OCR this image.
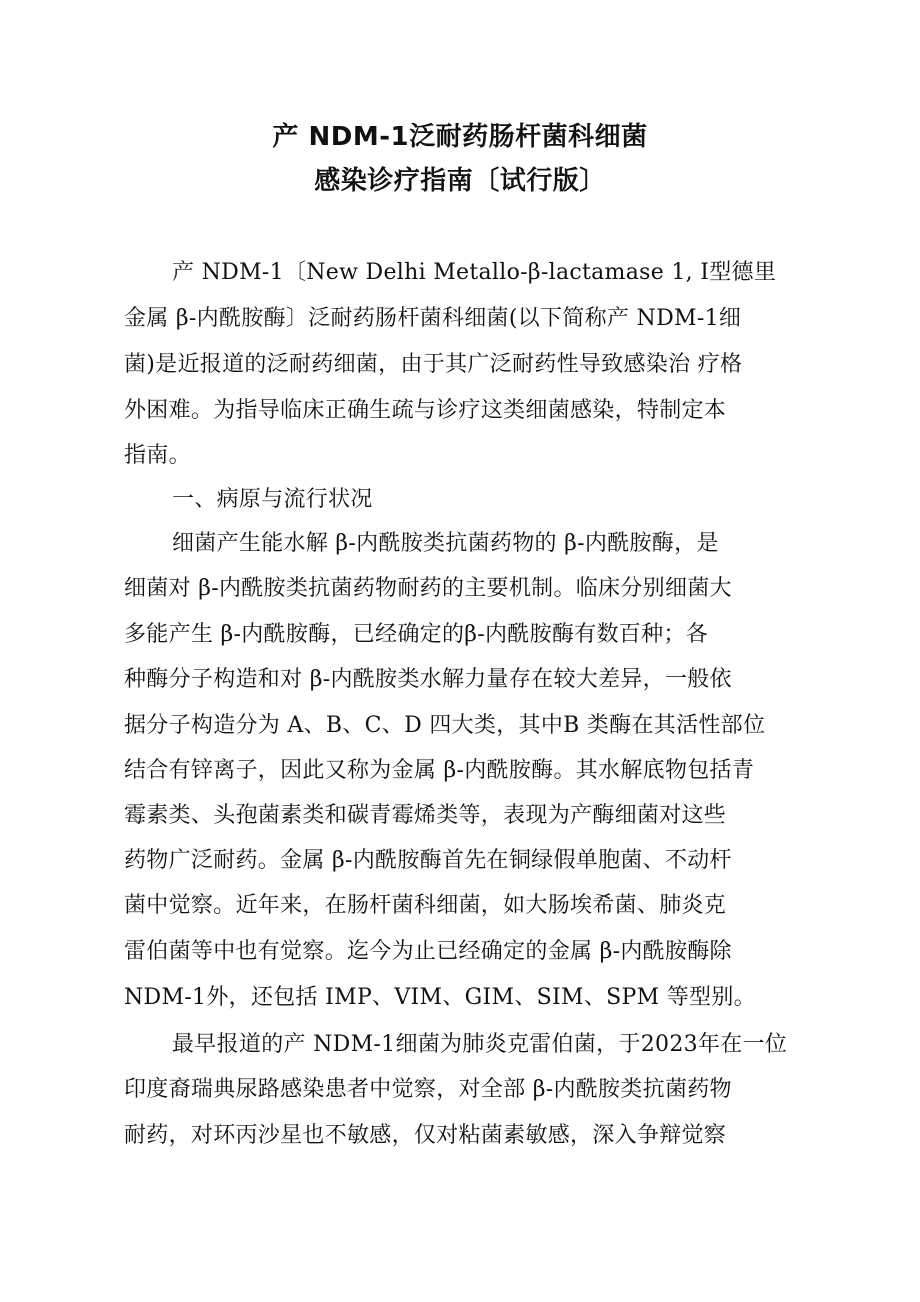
产 NDM-1泛耐药肠杆菌科细菌
感染诊疗指南〔试行版〕
产 NDM-1〔New Delhi Metallo-β-lactamase 1, Ⅰ型德里
金属 β-内酰胺酶〕泛耐药肠杆菌科细菌(以下简称产 NDM-1细
菌)是近报道的泛耐药细菌，由于其广泛耐药性导致感染治 疗格
外困难。为指导临床正确生疏与诊疗这类细菌感染，特制定本
指南。
一、病原与流行状况
细菌产生能水解 β-内酰胺类抗菌药物的 β-内酰胺酶，是
细菌对 β-内酰胺类抗菌药物耐药的主要机制。临床分别细菌大
多能产生 β-内酰胺酶，已经确定的β-内酰胺酶有数百种；各
种酶分子构造和对 β-内酰胺类水解力量存在较大差异，一般依
据分子构造分为 A、B、C、D 四大类，其中B 类酶在其活性部位
结合有锌离子，因此又称为金属 β-内酰胺酶。其水解底物包括青
霉素类、头孢菌素类和碳青霉烯类等，表现为产酶细菌对这些
药物广泛耐药。金属 β-内酰胺酶首先在铜绿假单胞菌、不动杆
菌中觉察。近年来，在肠杆菌科细菌，如大肠埃希菌、肺炎克
雷伯菌等中也有觉察。迄今为止已经确定的金属 β-内酰胺酶除
NDM-1外，还包括 IMP、VIM、GIM、SIM、SPM 等型别。
最早报道的产 NDM-1细菌为肺炎克雷伯菌，于2023年在一位
印度裔瑞典尿路感染患者中觉察，对全部 β-内酰胺类抗菌药物
耐药，对环丙沙星也不敏感，仅对粘菌素敏感，深入争辩觉察
